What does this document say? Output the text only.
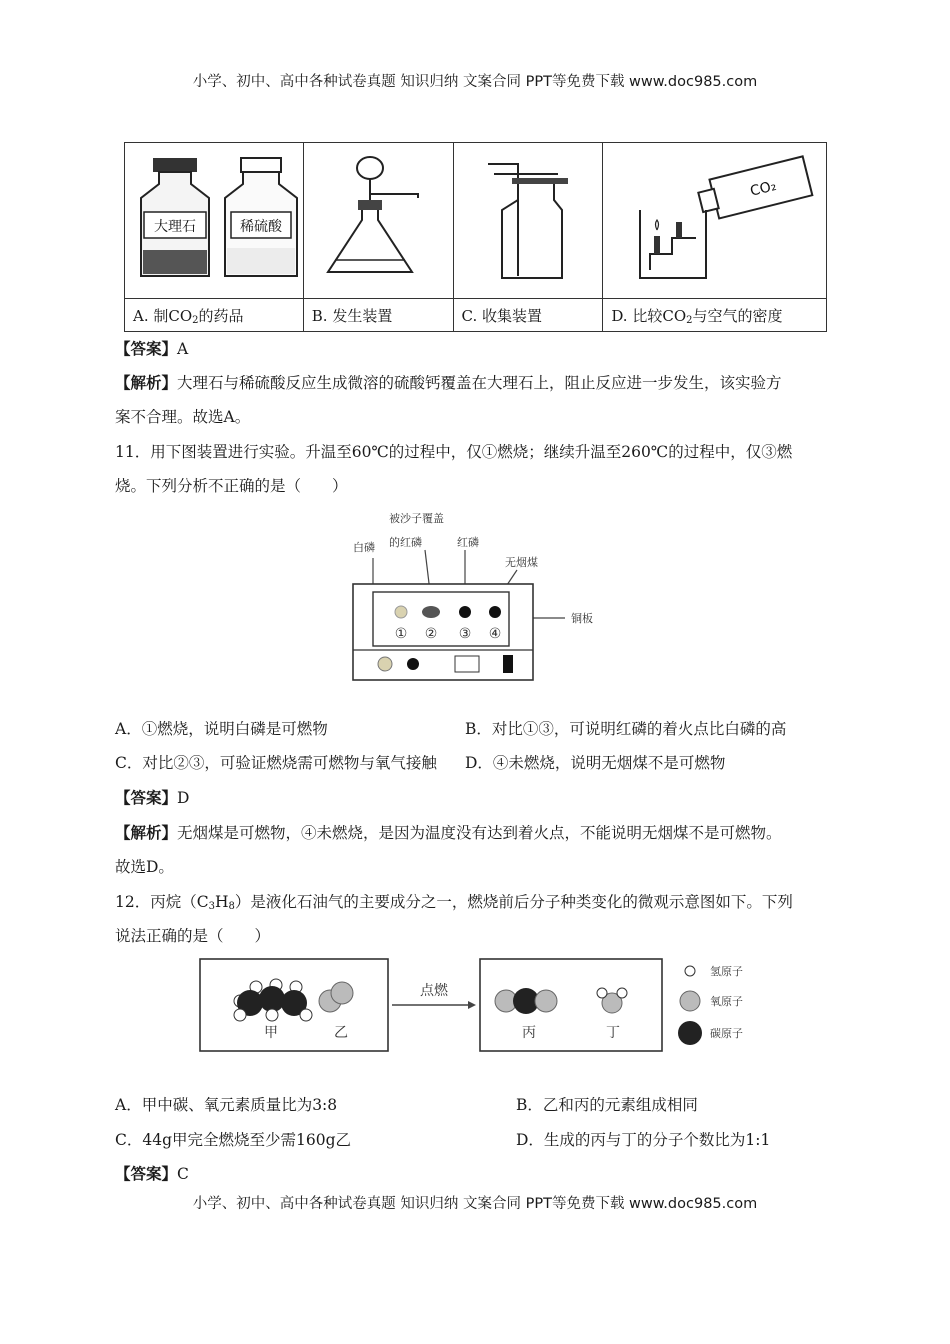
小学、初中、高中各种试卷真题 知识归纳 文案合同 PPT等免费下载 www.doc985.com
大理石 稀硫酸			CO₂

A. 制$CO_2$的药品	B. 发生装置	C. 收集装置	D. 比较$CO_2$与空气的密度
【答案】A
【解析】大理石与稀硫酸反应生成微溶的硫酸钙覆盖在大理石上，阻止反应进一步发生，该实验方
案不合理。故选A。
11．用下图装置进行实验。升温至60℃的过程中，仅①燃烧；继续升温至260℃的过程中，仅③燃
烧。下列分析不正确的是（　　）
被沙子覆盖
的红磷
白磷	红磷
无烟煤
铜板
① ② ③ ④
A．①燃烧，说明白磷是可燃物	B．对比①③，可说明红磷的着火点比白磷的高
C．对比②③，可验证燃烧需可燃物与氧气接触 D．④未燃烧，说明无烟煤不是可燃物
【答案】D
【解析】无烟煤是可燃物，④未燃烧，是因为温度没有达到着火点，不能说明无烟煤不是可燃物。
故选D。
12．丙烷$(C_3H_8)$是液化石油气的主要成分之一，燃烧前后分子种类变化的微观示意图如下。下列
说法正确的是（　　）
甲	乙
点燃
丙	丁
氢原子
氧原子
碳原子
A．甲中碳、氧元素质量比为3:8	B．乙和丙的元素组成相同
C．44g甲完全燃烧至少需160g乙	D．生成的丙与丁的分子个数比为1:1
【答案】C
小学、初中、高中各种试卷真题 知识归纳 文案合同 PPT等免费下载 www.doc985.com
